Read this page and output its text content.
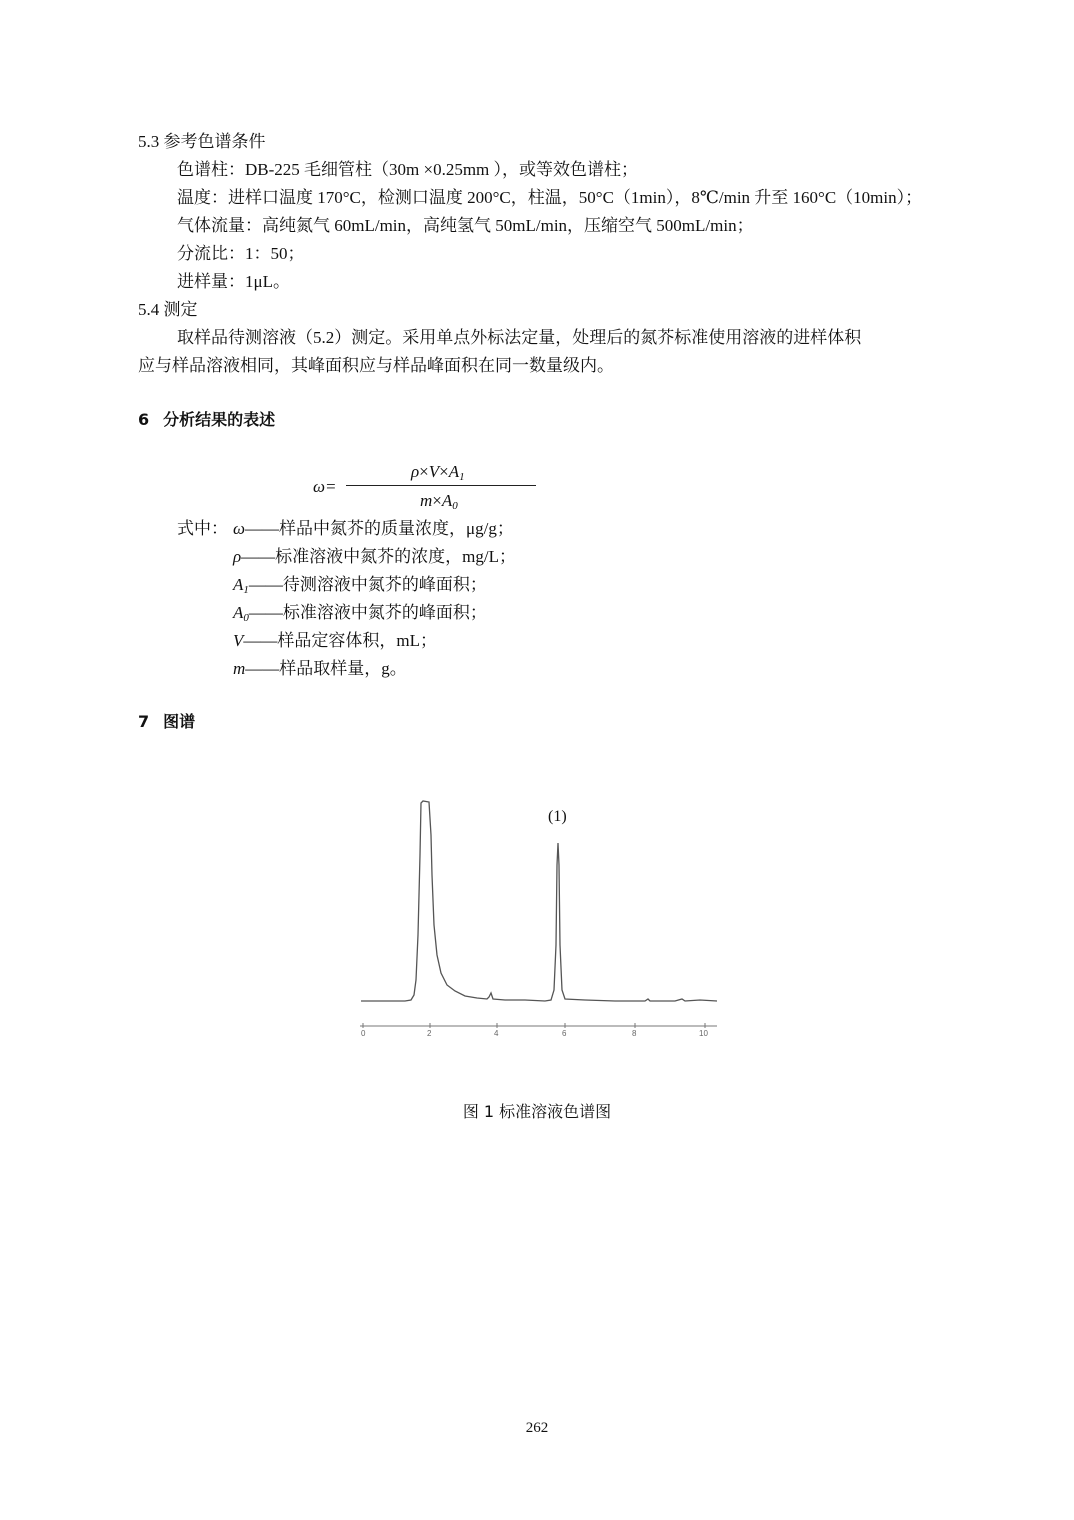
5.3 参考色谱条件
色谱柱：DB-225 毛细管柱（30m ×0.25mm ），或等效色谱柱；
温度：进样口温度 170°C，检测口温度 200°C，柱温，50°C（1min），8℃/min 升至 160°C（10min）；
气体流量：高纯氮气 60mL/min，高纯氢气 50mL/min，压缩空气 500mL/min；
分流比：1：50；
进样量：1μL。
5.4 测定
取样品待测溶液（5.2）测定。采用单点外标法定量，处理后的氮芥标准使用溶液的进样体积
应与样品溶液相同，其峰面积应与样品峰面积在同一数量级内。
6 分析结果的表述
ω=
$\rho\times V\times A_1$
$m\times A_0$
式中： ω——样品中氮芥的质量浓度，μg/g；
ρ——标准溶液中氮芥的浓度，mg/L；
$A_1——$待测溶液中氮芥的峰面积；
$A_0——$标准溶液中氮芥的峰面积；
V——样品定容体积，mL；
m——样品取样量，g。
7 图谱
0	2	4	6	8	10
(1)
图 1 标准溶液色谱图
262
